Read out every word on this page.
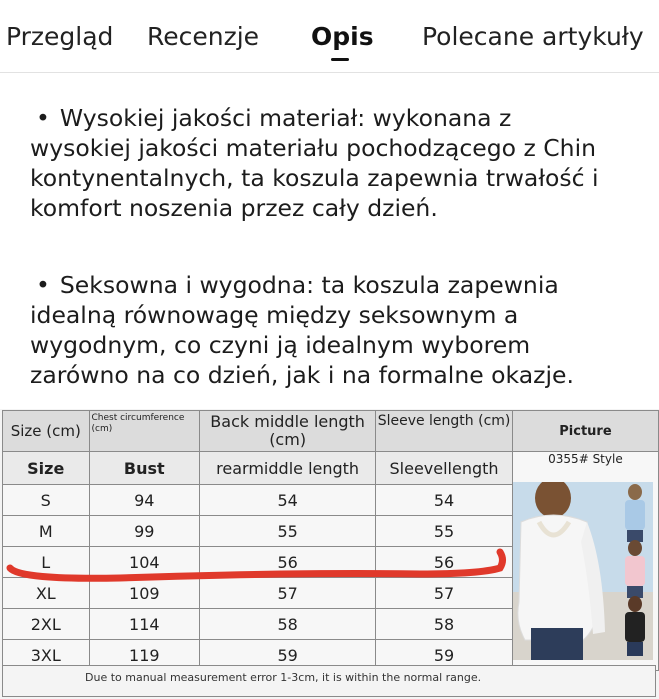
Przegląd Recenzje Opis Polecane artykuły
• Wysokiej jakości materiał: wykonana z
wysokiej jakości materiału pochodzącego z Chin
kontynentalnych, ta koszula zapewnia trwałość i
komfort noszenia przez cały dzień.
• Seksowna i wygodna: ta koszula zapewnia
idealną równowagę między seksownym a
wygodnym, co czyni ją idealnym wyborem
zarówno na co dzień, jak i na formalne okazje.
Size (cm)	Chest circumference (cm)	Back middle length (cm)	Sleeve length (cm)	Picture
Size	Bust	rearmiddle length	Sleevellength	0355# Style
S	94	54	54	
M	99	55	55	
L	104	56	56	
XL	109	57	57	
2XL	114	58	58	
3XL	119	59	59	
Due to manual measurement error 1-3cm, it is within the normal range.
